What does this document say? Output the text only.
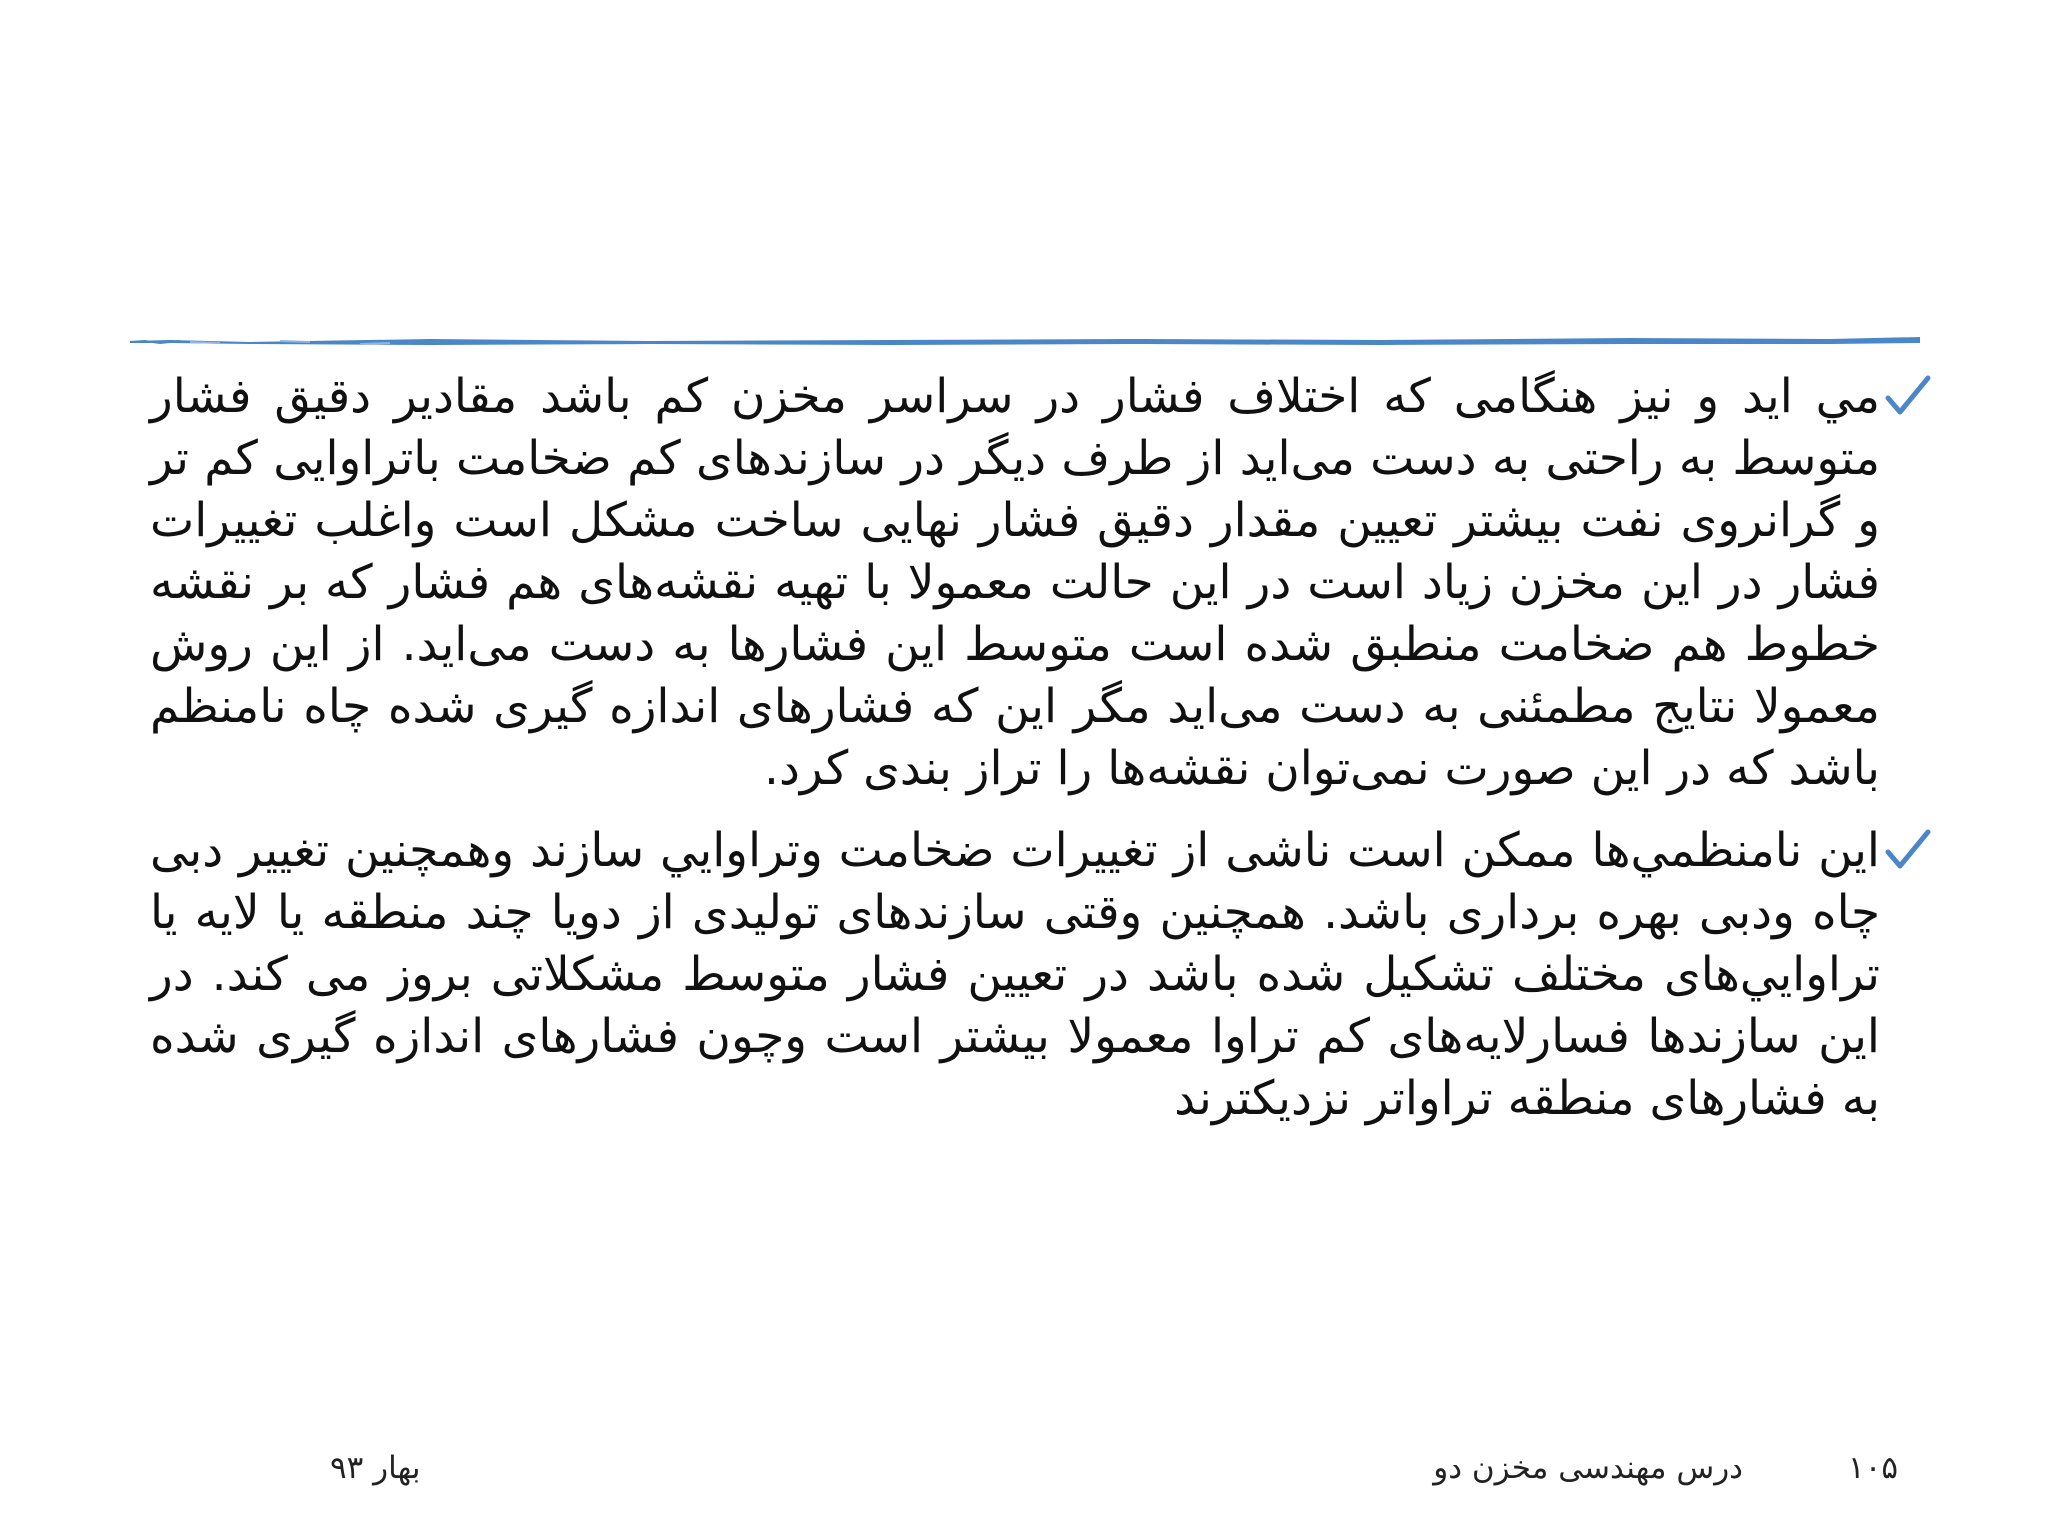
مي ايد و نيز هنگامی که اختلاف فشار در سراسر مخزن کم باشد مقادیر دقیق فشار متوسط به راحتی به دست می‌ايد از طرف ديگر در سازندهای کم ضخامت باتراوايی کم تر و گرانروی نفت بيشتر تعيين مقدار دقيق فشار نهايی ساخت مشکل است واغلب تغييرات فشار در اين مخزن زياد است در اين حالت معمولا با تهيه نقشه‌های هم فشار که بر نقشه خطوط هم ضخامت منطبق شده است متوسط اين فشارها به دست می‌ايد. از اين روش معمولا نتايج مطمئنی به دست می‌ايد مگر اين که فشارهای اندازه گيری شده چاه نامنظم باشد که در اين صورت نمی‌توان نقشه‌ها را تراز بندی کرد.

اين نامنظمي‌ها ممكن است ناشی از تغييرات ضخامت وتراوايي سازند وهمچنين تغيير دبی چاه ودبی بهره برداری باشد. همچنين وقتی سازندهای توليدی از دويا چند منطقه يا لايه يا تراوايي‌های مختلف تشکيل شده باشد در تعيين فشار متوسط مشکلاتی بروز می کند. در اين سازندها فسارلايه‌های کم تراوا معمولا بيشتر است وچون فشارهای اندازه گيری شده به فشارهای منطقه تراواتر نزديکترند

۱۰۵
درس مهندسی مخزن دو
بهار ۹۳
